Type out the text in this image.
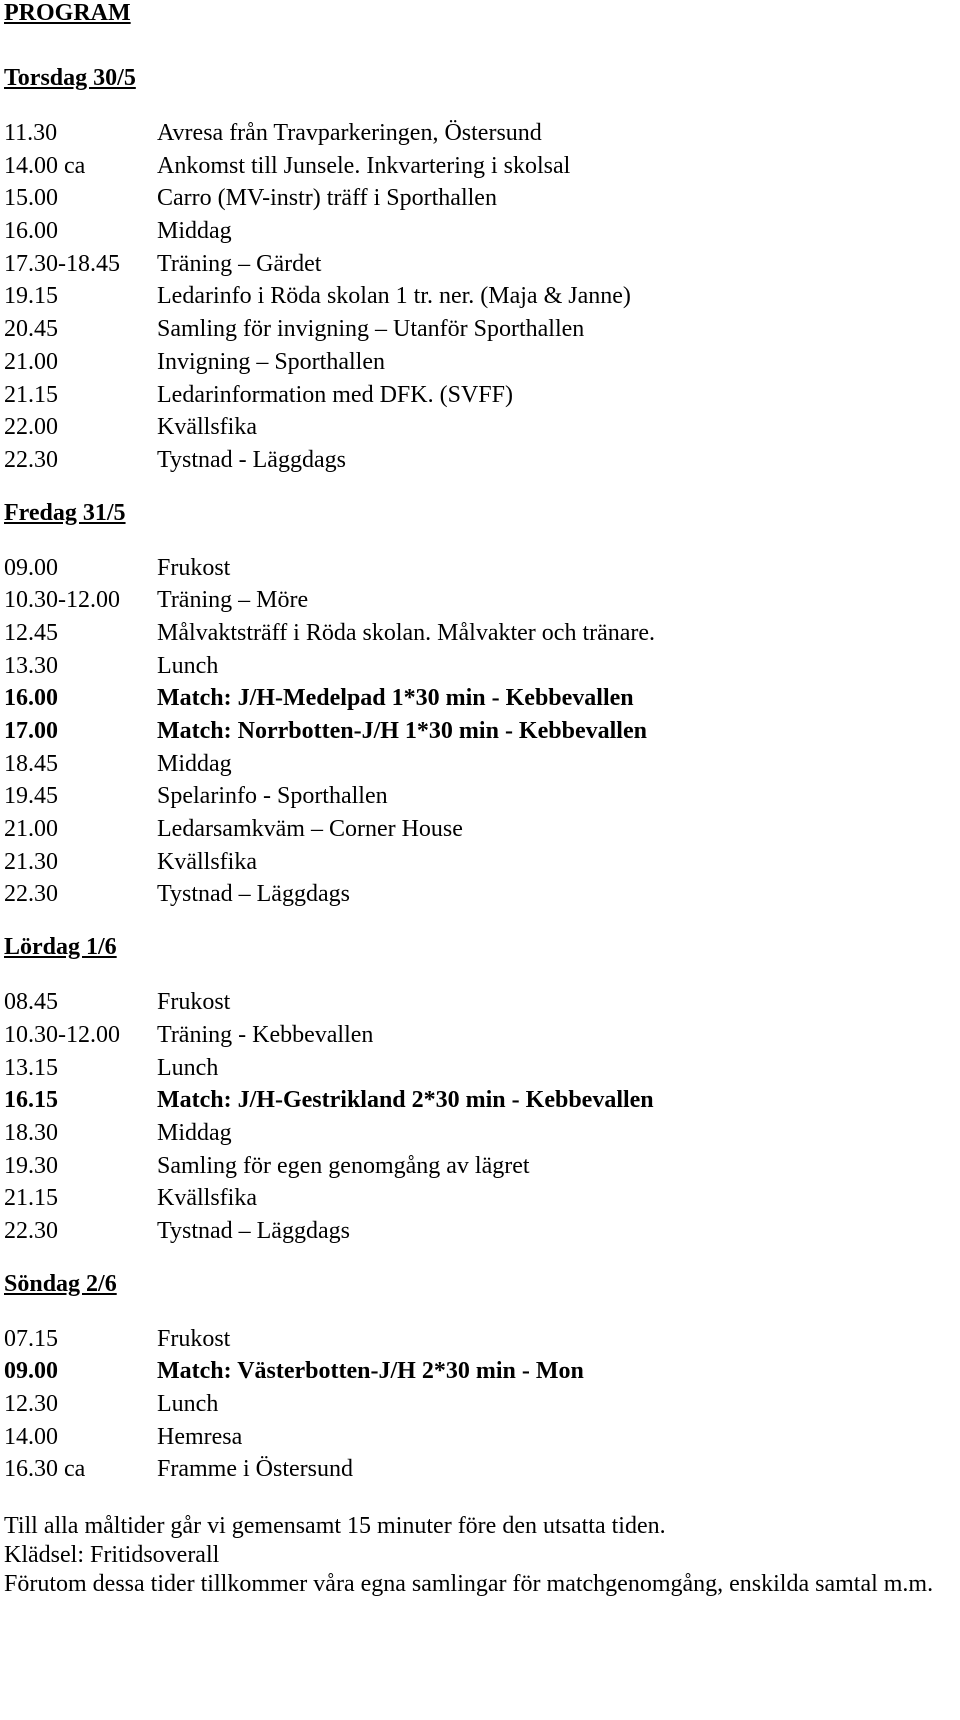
PROGRAM
Torsdag 30/5
11.30	Avresa från Travparkeringen, Östersund
14.00 ca	Ankomst till Junsele. Inkvartering i skolsal
15.00	Carro (MV-instr) träff i Sporthallen
16.00	Middag
17.30-18.45	Träning – Gärdet
19.15	Ledarinfo i Röda skolan 1 tr. ner. (Maja & Janne)
20.45	Samling för invigning – Utanför Sporthallen
21.00	Invigning – Sporthallen
21.15	Ledarinformation med DFK. (SVFF)
22.00	Kvällsfika
22.30	Tystnad - Läggdags
Fredag 31/5
09.00	Frukost
10.30-12.00	Träning – Möre
12.45	Målvaktsträff i Röda skolan. Målvakter och tränare.
13.30	Lunch
16.00	Match: J/H-Medelpad 1*30 min - Kebbevallen
17.00	Match: Norrbotten-J/H 1*30 min - Kebbevallen
18.45	Middag
19.45	Spelarinfo - Sporthallen
21.00	Ledarsamkväm – Corner House
21.30	Kvällsfika
22.30	Tystnad – Läggdags
Lördag 1/6
08.45	Frukost
10.30-12.00	Träning - Kebbevallen
13.15	Lunch
16.15	Match: J/H-Gestrikland 2*30 min - Kebbevallen
18.30	Middag
19.30	Samling för egen genomgång av lägret
21.15	Kvällsfika
22.30	Tystnad – Läggdags
Söndag 2/6
07.15	Frukost
09.00	Match: Västerbotten-J/H 2*30 min - Mon
12.30	Lunch
14.00	Hemresa
16.30 ca	Framme i Östersund

Till alla måltider går vi gemensamt 15 minuter före den utsatta tiden.

Klädsel: Fritidsoverall

Förutom dessa tider tillkommer våra egna samlingar för matchgenomgång, enskilda samtal m.m.
